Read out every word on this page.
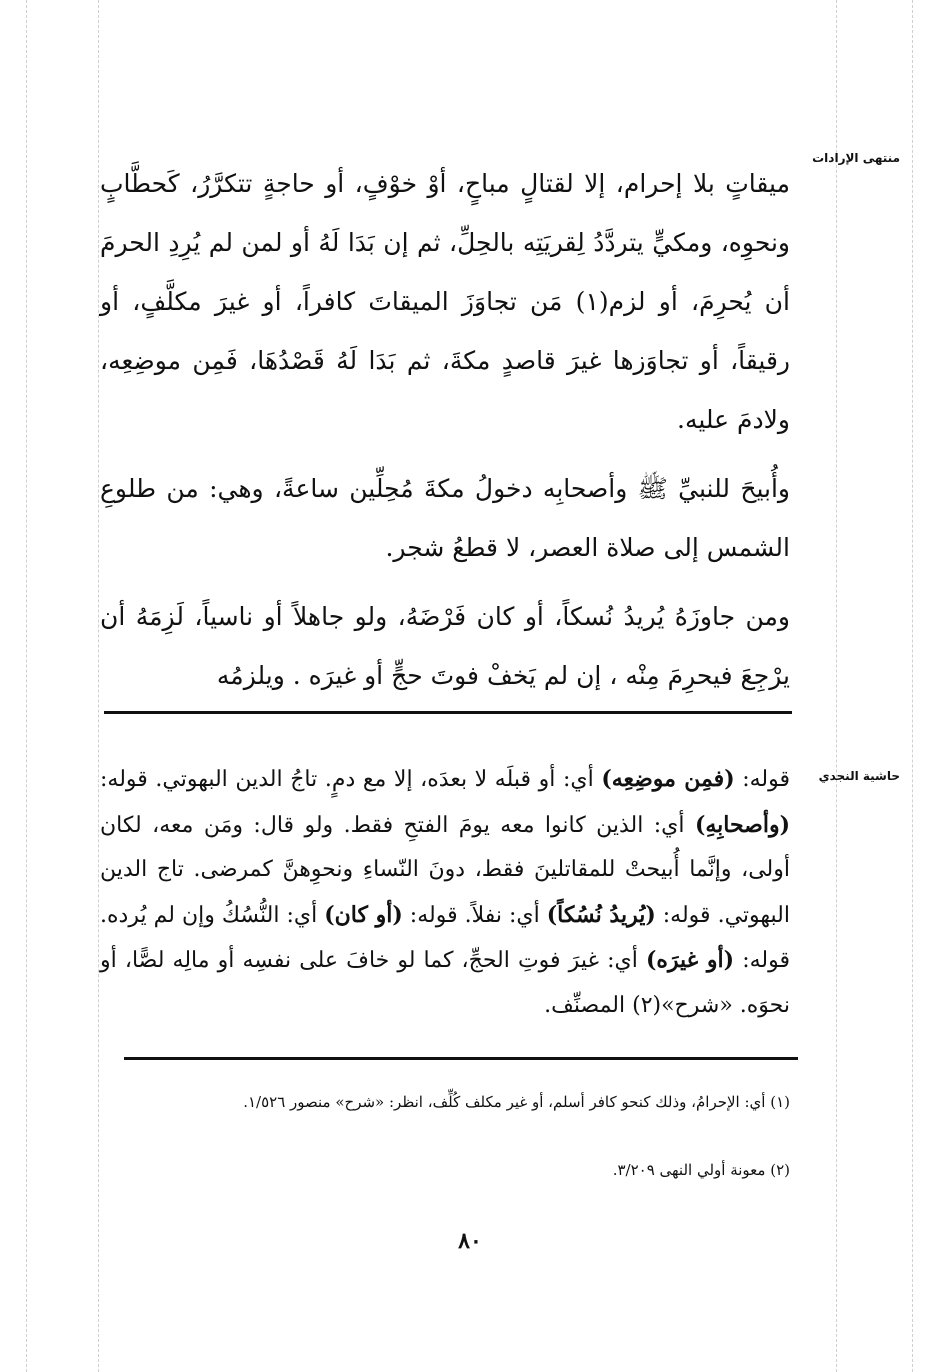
منتهى الإرادات

ميقاتٍ بلا إحرام، إلا لقتالٍ مباحٍ، أوْ خوْفٍ، أو حاجةٍ تتكرَّرُ، كَحطَّابٍ ونحوِه، ومكيٍّ يتردَّدُ لِقريَتِه بالحِلِّ، ثم إن بَدَا لَهُ أو لمن لم يُرِدِ الحرمَ أن يُحرِمَ، أو لزم(١) مَن تجاوَزَ الميقاتَ كافراً، أو غيرَ مكلَّفٍ، أو رقيقاً، أو تجاوَزها غيرَ قاصدٍ مكةَ، ثم بَدَا لَهُ قَصْدُهَا، فَمِن موضِعِه، ولادمَ عليه.

وأُبيحَ للنبيِّ ﷺ وأصحابِه دخولُ مكةَ مُحِلِّين ساعةً، وهي: من طلوعِ الشمس إلى صلاة العصر، لا قطعُ شجر.

ومن جاوزَهُ يُريدُ نُسكاً، أو كان فَرْضَهُ، ولو جاهلاً أو ناسياً، لَزِمَهُ أن يرْجِعَ فيحرِمَ مِنْه ، إن لم يَخفْ فوتَ حجٍّ أو غيرَه . ويلزمُه

حاشية النجدي

قوله: (فمِن موضِعِه) أي: أو قبلَه لا بعدَه، إلا مع دمٍ. تاجُ الدين البهوتي. قوله: (وأصحابِهِ) أي: الذين كانوا معه يومَ الفتحِ فقط. ولو قال: ومَن معه، لكان أولى، وإنَّما أُبيحتْ للمقاتلينَ فقط، دونَ النّساءِ ونحوِهنَّ كمرضى. تاج الدين البهوتي. قوله: (يُريدُ نُسُكاً) أي: نفلاً. قوله: (أو كان) أي: النُّسُكُ وإن لم يُرده. قوله: (أو غيرَه) أي: غيرَ فوتِ الحجِّ، كما لو خافَ على نفسِه أو مالِه لصًّا، أو نحوَه. «شرح»(٢) المصنِّف.

(١) أي: الإحرامُ، وذلك كنحو كافر أسلم، أو غير مكلف كُلِّف، انظر: «شرح» منصور ١/٥٢٦.
(٢) معونة أولي النهى ٣/٢٠٩.
٨٠
